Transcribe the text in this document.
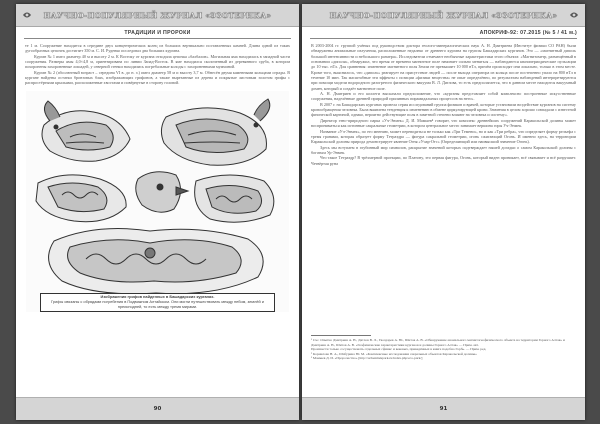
НАУЧНО-ПОПУЛЯРНЫЙ ЖУРНАЛ «ЭЗОТЕРИКА»
ТРАДИЦИИ И ПРОРОКИ

те 1 м. Сооружение находится в середине двух концентрических колец из больших вертикально поставленных камней. Длина одной из таких дугообразных цепочек достигает 350 м. С. И. Руденко исследовал два больших кургана.

Курган № 1 имел диаметр 40 м и высоту 2 м. К Востоку от кургана отходила цепочка «балбалов». Могильная яма находилась в западной части сооружения. Размеры ямы 4,0×4,8 м, ориентирована по линии Запад-Восток. В яме находился сколоченный из деревянного сруба, в котором похоронены захороненные лошадей, у северной стенки находились погребальные колоды с захороненными мужчиной.

Курган № 2 (абсолютный возраст – середина VI в. до н. э.) имел диаметр 58 м и высоту 3,7 м. Обнесён двумя каменными кольцами ограды. В кургане найдены остатки бронзовых блях, изображающих грифонов, а также вырезанные из дерева и покрытые листовым золотом грифы с распростёртыми крыльями, расположенные хвостами и повёрнутые в сторону головой.

Изображения грифов найденных в Башадарских курганах.
Грифы связаны с обрядами погребения в Подвижном Алтайском. Они могли путешествовать между небом, землёй и преисподней, то есть между тремя мирами.
90
НАУЧНО-ПОПУЛЯРНЫЙ ЖУРНАЛ «ЭЗОТЕРИКА»
АПОКРИФ-92: 07.2015 (№ 5 / 41 м.)

В 2003-2004 гг. группой учёных под руководством доктора геолого-минералогических наук А. Н. Дмитриева (Институт физики СО РАН) были обнаружены аномальные излучения, расположенные недалеко от древнего кургана на группы Башадарских курганов. Это — «магнитный диполь большой интенсивности и небольшого размера». Исследователи отмечают необычные характеристики этого объекта: «Магнитометр, размещённый в основании «диполя», обнаружил, что время от времени магнитное поле начинает сильно меняться — наблюдаются квазипериодические пульсации до 10 тыс. нТл. Для сравнения: изменение магнитного поля Земли не превышает 10 000 нТл, причём происходят они локально, только в этом месте. Кроме того, выяснилось, что «диполь» реагирует на присутствие людей — после выхода оператора из кольца после постепенно упало на 800 нТл в течение 10 мин. Так масштабные эти эффекты с позиции «физики вещества» не опыт определённо, по результатам наблюдений интерпретируются при помощи модели водородного разогретого физического вакуума В. Л. Дятлова, то есть предполагается, что в данном месте находится вакуумный домен, который и создаёт магнитное поле.

А. Н. Дмитриев и его коллеги высказали предположение, что «курганы представляет собой комплексно построенные искусственные сооружения, наделённые древней природой приливных пирамидальных процессов на него».

В 2007 г. на Башадарских курганах провела серия исследований группа физиков и врачей, которые установили воздействие курганов на систему кровообращения человека. Была выявлена тенденция к изменению в обмене циркулирующей крови. Значения в целом хорошо совпадали с известной физической картиной, однако, вероятно действующие поля в заметной степени влияют на человека и систему».

Директор этно-природного парка «Уч-Энмек» Д. И. Мамыев⁴ говорит, что комплекс древнейших сооружений Каракольской долины может восприниматься как истинные сакральные геометрии, в котором центральное место занимает вершина горы Уч-Энмек.

Название «Уч-Энмек», по его мнению, может переводиться не только как «Три Темени», но и как «Три ребра», что определяет форму рельефа с тремя гранями, которая образует форму Тетраэдра — фигура сакральной геометрии, огонь сжигающий Огонь. И именно здесь, на территории Каракольской долины природа демонстрирует явление Огня «Учар-Отс» (Определяющий или наивысший значение Огонь).

Здесь мы вступаем в глубинный мир символов, раскрытие значений которых подтверждает нашей догадки о самом Каракольской долины с богатым Ур-Энмек.

Что такое Тетраэдр? В трёхмерной проекции, по Платону, это первая фигура, Огонь, который виден проникает, всё связывает и всё разрушает. Четвёртая руна

¹ См.: Опытно Дмитриев А. Н., Дятлов В. Л., Гвоздарев А. Ю., Шитов А. В. «Обнаружение аномального магнитогеофизического объекта на территории Горного Алтая» и Дмитриев А. Н., Шитов А. В. «Геофизические характеристики курганов и долины Горного Алтая» — Прим. авт.
Произвести только сосуществовать отдельных сфинкс и вековых, приведённых в книге подобно Горбь. — Прим. ред.
² Корнилова Н. А., Шабурина Ю. М. «Комплексные исследования сакральных объектов Каракольской долины»
³ Мамыев Д. И. «Пророчество» [http://uchenmekpark.ru/index.php/eco-park/]
91
